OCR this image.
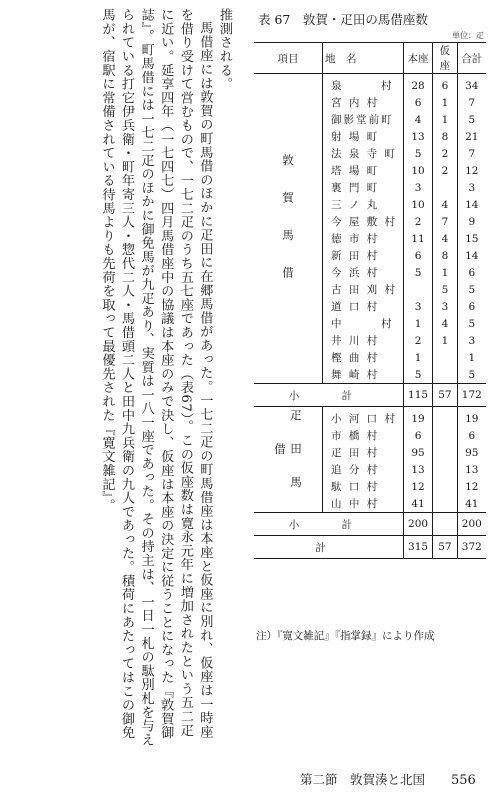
推測される。

馬借座には敦賀の町馬借のほかに疋田に在郷馬借があった。一七二疋の町馬借座は本座と仮座に別れ、仮座は一時座を借り受けて営むもので、一七二疋のうち五七座であった（表67）。この仮座数は寛永元年に増加されたという五二疋に近い。延享四年（一七四七）四月馬借座中の協議は本座のみで決し、仮座は本座の決定に従うことになった『敦賀御誌』。町馬借には一七二疋のほかに御免馬が九疋あり、実質は一八一座であった。その持主は、一日一札の駄別札を与えられている打它伊兵衛・町年寄三人・惣代二人・馬借頭二人と田中九兵衛の九人であった。積荷にあたってはこの御免馬が、宿駅に常備されている待馬よりも先荷を取って最優先された『寛文雑記』。	表 67　敦賀・疋田の馬借座数
単位：疋
項目	地　名	本座	仮座	合計
敦賀馬借	泉　　　村	28	6	34
	宮 内 村	6	1	7
	御影堂前町	4	1	5
	射 場 町	13	8	21
	法 泉 寺 町	5	2	7
	塔 場 町	10	2	12
	裏 門 町	3		3
	三 ノ 丸	10	4	14
	今 屋 敷 村	2	7	9
	徳 市 村	11	4	15
	新 田 村	6	8	14
	今 浜 村	5	1	6
	古 田 刈 村		5	5
	道 口 村	3	3	6
	中　　　村	1	4	5
	井 川 村	2	1	3
	樫 曲 村	1		1
	舞 崎 村	5		5
小　計		115	57	172
疋田馬借	小 河 口 村	19		19
	市 橋 村	6		6
	疋 田 村	95		95
	追 分 村	13		13
	駄 口 村	12		12
	山 中 村	41		41
小　計		200		200
計		315	57	372
注）『寛文雑記』『指掌録』により作成
第二節　敦賀湊と北国 556
